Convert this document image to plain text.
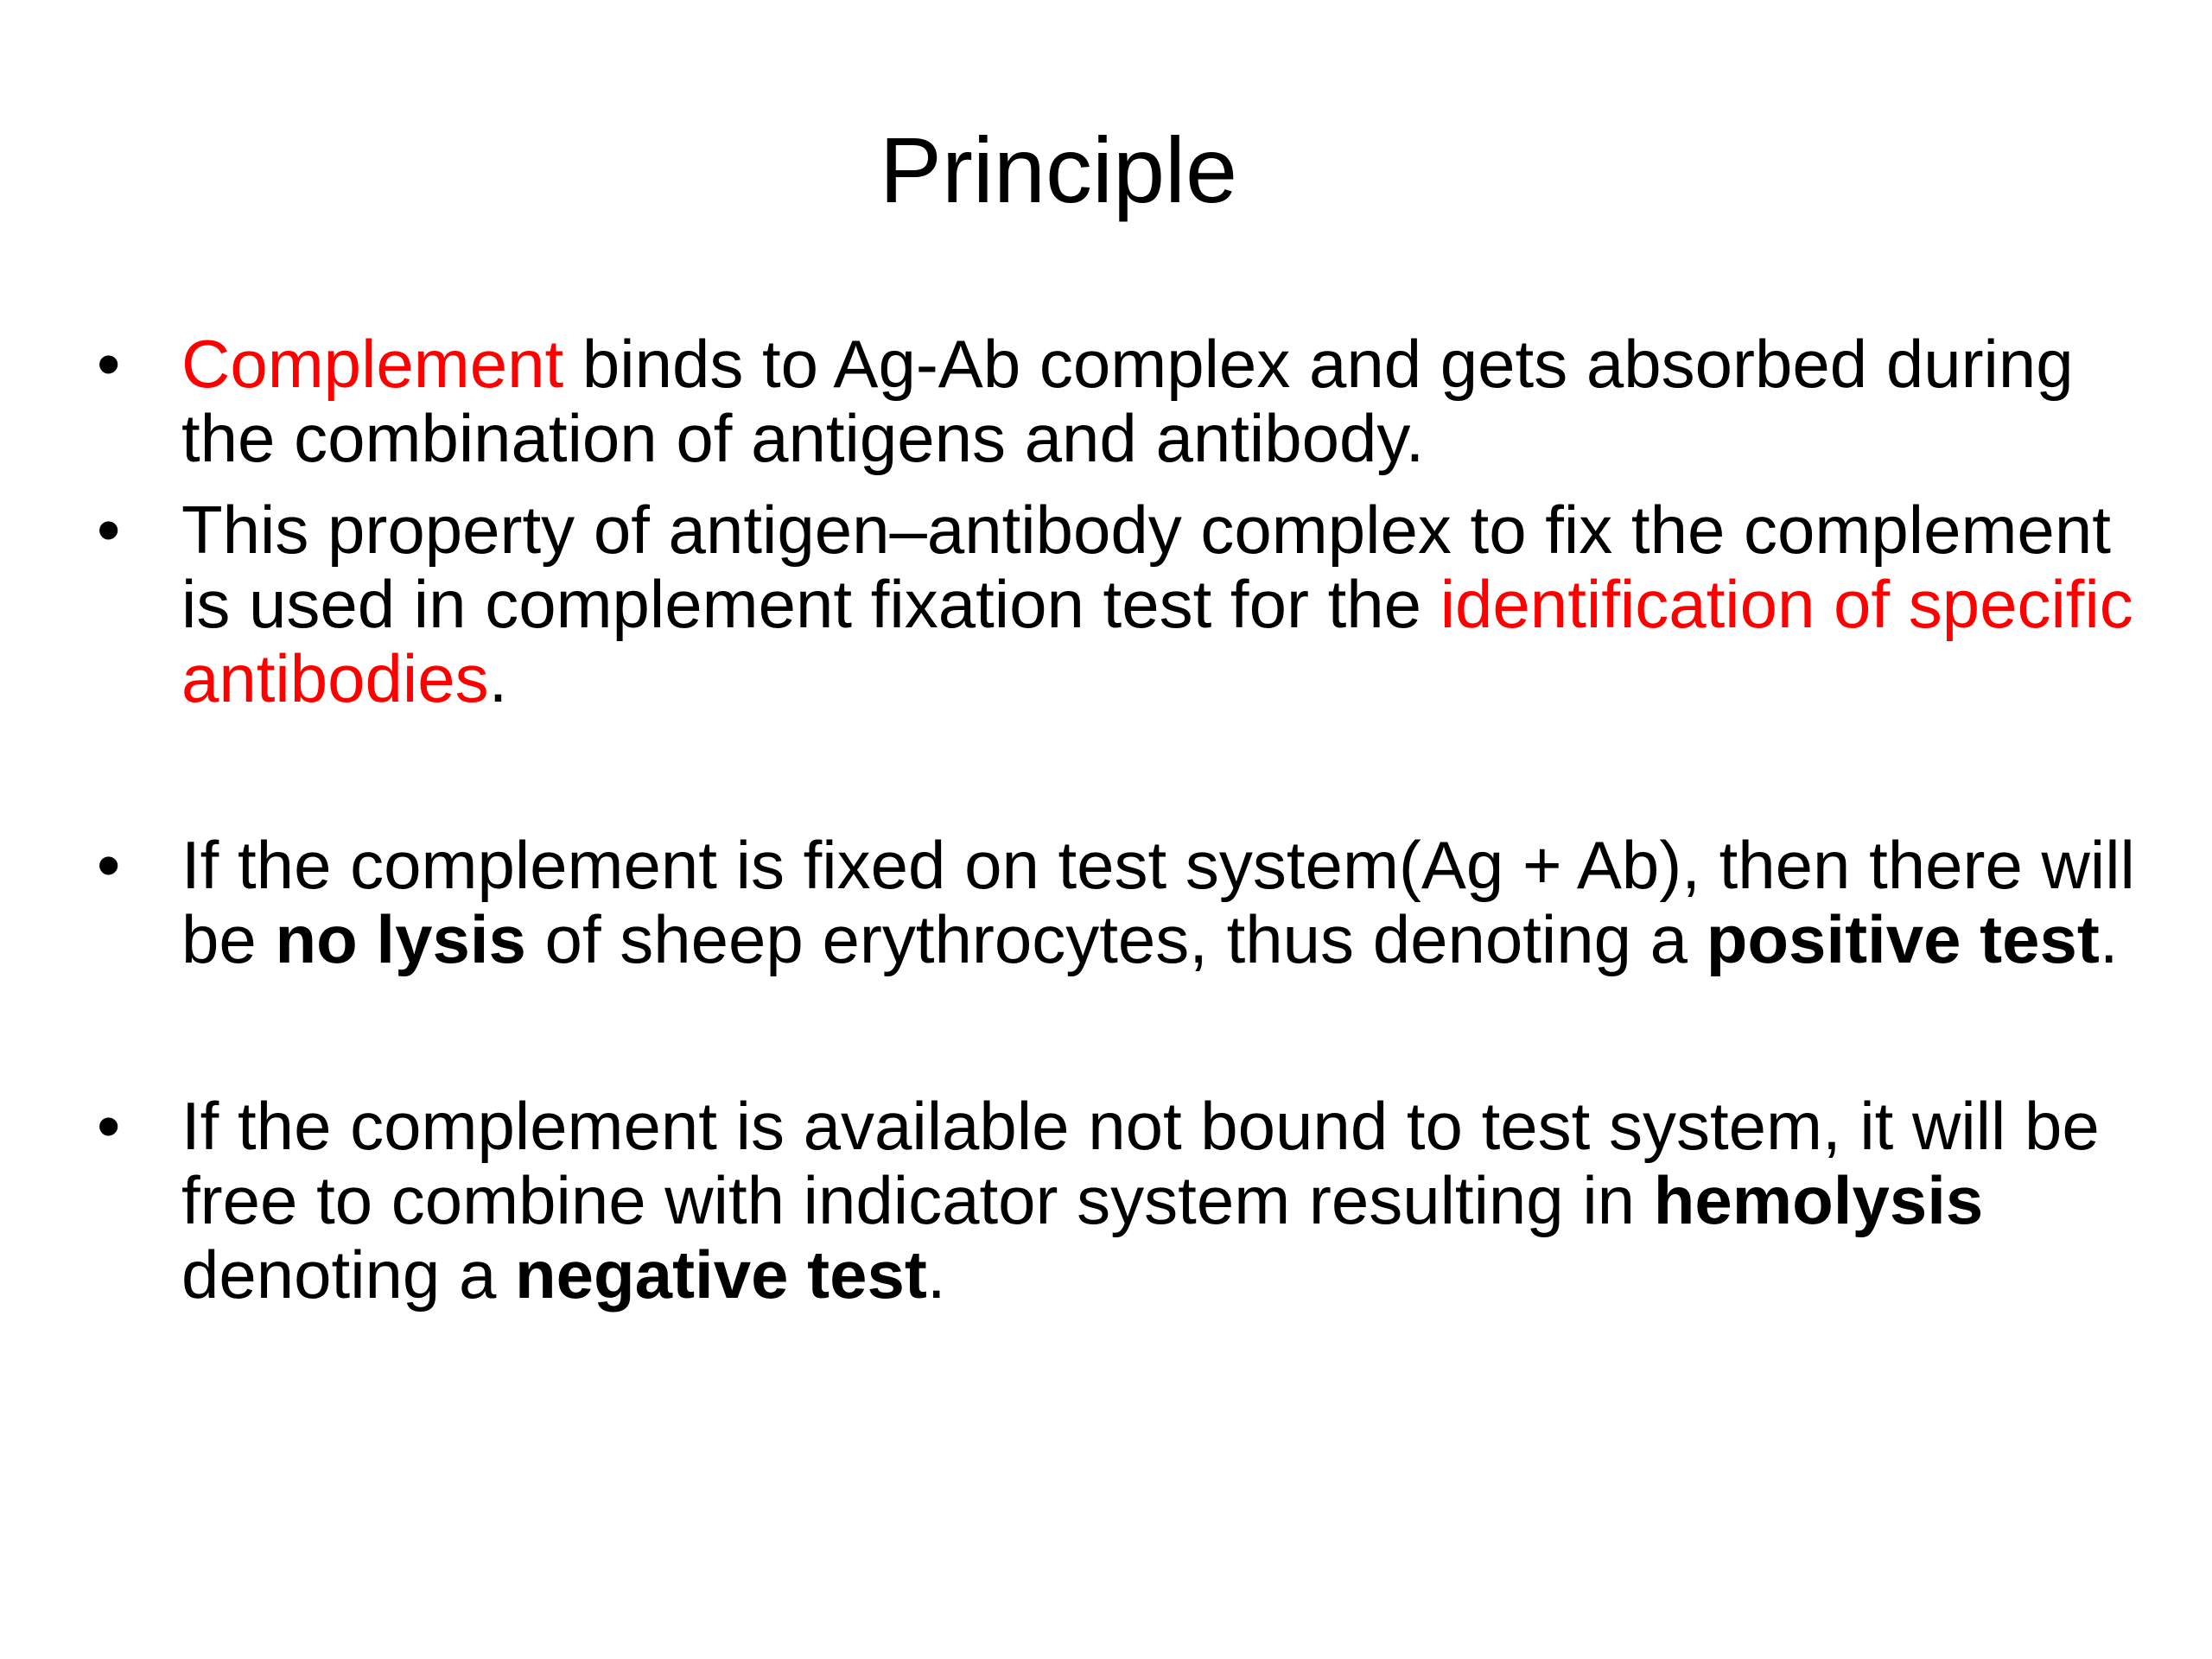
Principle
• Complement binds to Ag-Ab complex and gets absorbed during the combination of antigens and antibody.
• This property of antigen–antibody complex to fix the complement is used in complement fixation test for the identification of specific antibodies.
• If the complement is fixed on test system(Ag + Ab), then there will be no lysis of sheep erythrocytes, thus denoting a positive test.
• If the complement is available not bound to test system, it will be free to combine with indicator system resulting in hemolysis denoting a negative test.
